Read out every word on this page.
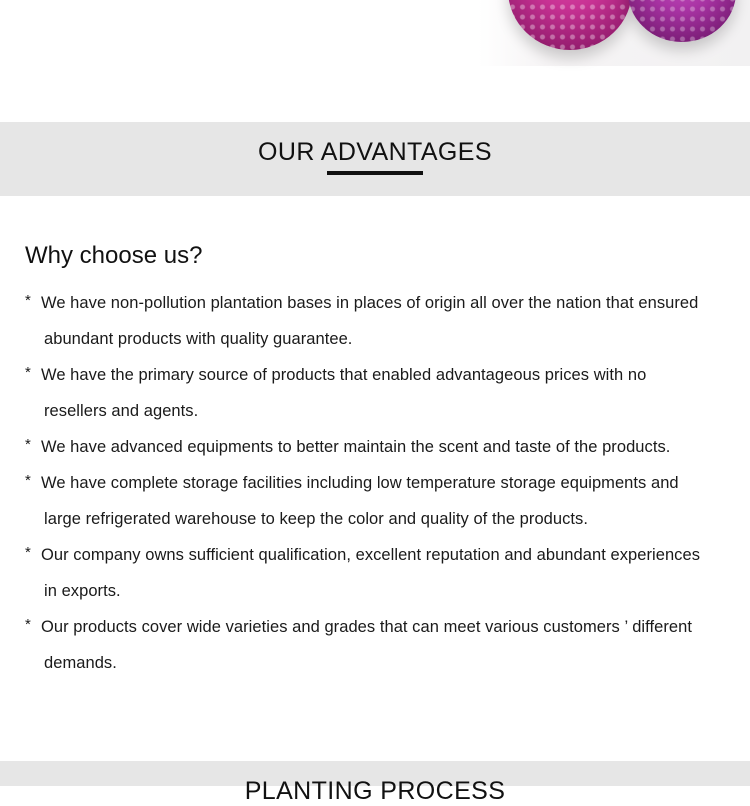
OUR ADVANTAGES
Why choose us?
* We have non-pollution plantation bases in places of origin all over the nation that ensured
abundant products with quality guarantee.
* We have the primary source of products that enabled advantageous prices with no
resellers and agents.
* We have advanced equipments to better maintain the scent and taste of the products.
* We have complete storage facilities including low temperature storage equipments and
large refrigerated warehouse to keep the color and quality of the products.
* Our company owns sufficient qualification, excellent reputation and abundant experiences
in exports.
* Our products cover wide varieties and grades that can meet various customers ’ different
demands.
PLANTING PROCESS
